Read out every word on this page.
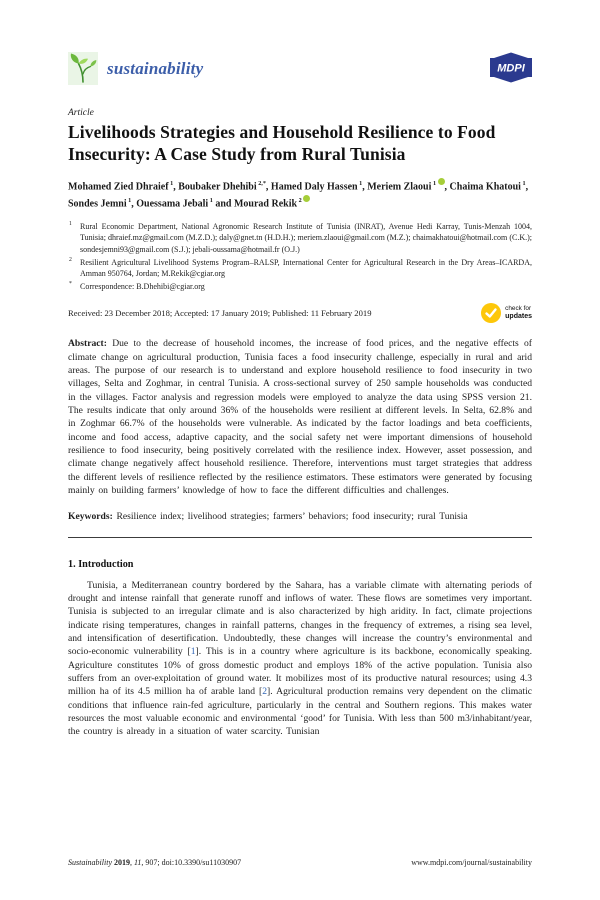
sustainability	MDPI
Article
Livelihoods Strategies and Household Resilience to Food Insecurity: A Case Study from Rural Tunisia
Mohamed Zied Dhraief $^1$, Boubaker Dhehibi $^{2,*}$, Hamed Daly Hassen $^1$, Meriem Zlaoui $^1$ , Chaima Khatoui $^1$, Sondes Jemni $^1$, Ouessama Jebali $^1$ and Mourad Rekik $^2$
1 Rural Economic Department, National Agronomic Research Institute of Tunisia (INRAT), Avenue Hedi Karray, Tunis-Menzah 1004, Tunisia; dhraief.mz@gmail.com (M.Z.D.); daly@gnet.tn (H.D.H.); meriem.zlaoui@gmail.com (M.Z.); chaimakhatoui@hotmail.com (C.K.); sondesjemni93@gmail.com (S.J.); jebali-oussama@hotmail.fr (O.J.)
2 Resilient Agricultural Livelihood Systems Program–RALSP, International Center for Agricultural Research in the Dry Areas–ICARDA, Amman 950764, Jordan; M.Rekik@cgiar.org
* Correspondence: B.Dhehibi@cgiar.org
Received: 23 December 2018; Accepted: 17 January 2019; Published: 11 February 2019	check for
updates

Abstract: Due to the decrease of household incomes, the increase of food prices, and the negative effects of climate change on agricultural production, Tunisia faces a food insecurity challenge, especially in rural and arid areas. The purpose of our research is to understand and explore household resilience to food insecurity in two villages, Selta and Zoghmar, in central Tunisia. A cross-sectional survey of 250 sample households was conducted in the villages. Factor analysis and regression models were employed to analyze the data using SPSS version 21. The results indicate that only around 36% of the households were resilient at different levels. In Selta, 62.8% and in Zoghmar 66.7% of the households were vulnerable. As indicated by the factor loadings and beta coefficients, income and food access, adaptive capacity, and the social safety net were important dimensions of household resilience to food insecurity, being positively correlated with the resilience index. However, asset possession, and climate change negatively affect household resilience. Therefore, interventions must target strategies that address the different levels of resilience reflected by the resilience estimators. These estimators were generated by focusing mainly on building farmers’ knowledge of how to face the different difficulties and challenges.

Keywords: Resilience index; livelihood strategies; farmers’ behaviors; food insecurity; rural Tunisia

1. Introduction

Tunisia, a Mediterranean country bordered by the Sahara, has a variable climate with alternating periods of drought and intense rainfall that generate runoff and inflows of water. These flows are sometimes very important. Tunisia is subjected to an irregular climate and is also characterized by high aridity. In fact, climate projections indicate rising temperatures, changes in rainfall patterns, changes in the frequency of extremes, a rising sea level, and intensification of desertification. Undoubtedly, these changes will increase the country’s environmental and socio-economic vulnerability [1]. This is in a country where agriculture is its backbone, economically speaking. Agriculture constitutes 10% of gross domestic product and employs 18% of the active population. Tunisia also suffers from an over-exploitation of ground water. It mobilizes most of its productive natural resources; using 4.3 million ha of its 4.5 million ha of arable land [2]. Agricultural production remains very dependent on the climatic conditions that influence rain-fed agriculture, particularly in the central and Southern regions. This makes water resources the most valuable economic and environmental ‘good’ for Tunisia. With less than 500 m3/inhabitant/year, the country is already in a situation of water scarcity. Tunisian

Sustainability 2019, 11, 907; doi:10.3390/su11030907	www.mdpi.com/journal/sustainability
